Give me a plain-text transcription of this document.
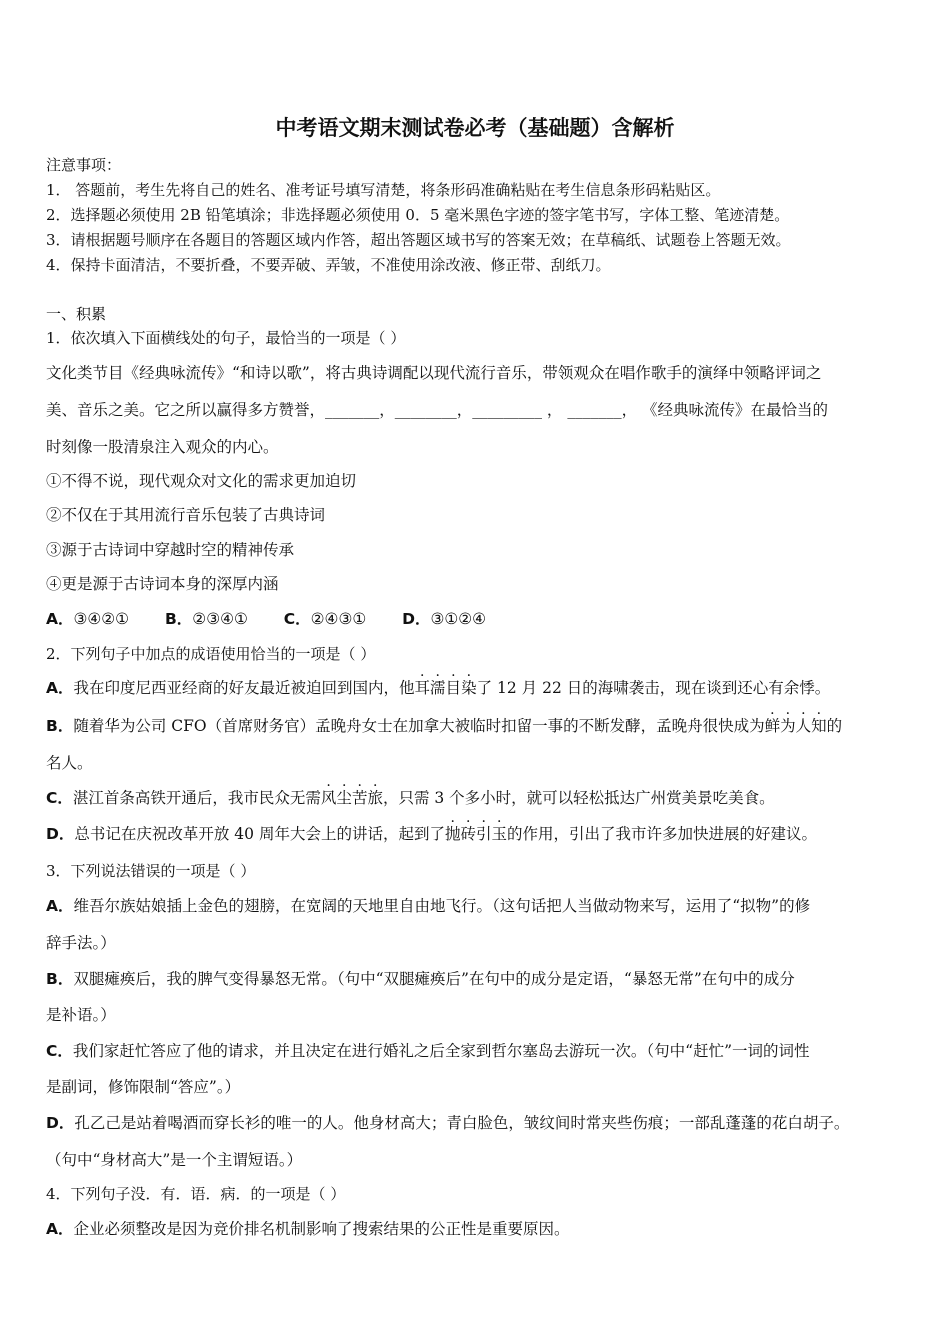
中考语文期末测试卷必考（基础题）含解析
注意事项：
1． 答题前，考生先将自己的姓名、准考证号填写清楚，将条形码准确粘贴在考生信息条形码粘贴区。
2．选择题必须使用 2B 铅笔填涂；非选择题必须使用 0．5 毫米黑色字迹的签字笔书写，字体工整、笔迹清楚。
3．请根据题号顺序在各题目的答题区域内作答，超出答题区域书写的答案无效；在草稿纸、试题卷上答题无效。
4．保持卡面清洁，不要折叠，不要弄破、弄皱，不准使用涂改液、修正带、刮纸刀。
一、积累
1．依次填入下面横线处的句子，最恰当的一项是（ ）
文化类节目《经典咏流传》“和诗以歌”，将古典诗调配以现代流行音乐，带领观众在唱作歌手的演绎中领略评词之
美、音乐之美。它之所以赢得多方赞誉，_______，________，_________ ， _______， 《经典咏流传》在最恰当的
时刻像一股清泉注入观众的内心。
①不得不说，现代观众对文化的需求更加迫切
②不仅在于其用流行音乐包装了古典诗词
③源于古诗词中穿越时空的精神传承
④更是源于古诗词本身的深厚内涵
A．③④②① B．②③④① C．②④③① D．③①②④
2．下列句子中加点的成语使用恰当的一项是（ ）
A．我在印度尼西亚经商的好友最近被迫回到国内，他耳濡目染了 12 月 22 日的海啸袭击，现在谈到还心有余悸。
B．随着华为公司 CFO（首席财务官）孟晚舟女士在加拿大被临时扣留一事的不断发酵，孟晚舟很快成为鲜为人知的
名人。
C．湛江首条高铁开通后，我市民众无需风尘苦旅，只需 3 个多小时，就可以轻松抵达广州赏美景吃美食。
D．总书记在庆祝改革开放 40 周年大会上的讲话，起到了抛砖引玉的作用，引出了我市许多加快进展的好建议。
3．下列说法错误的一项是（ ）
A．维吾尔族姑娘插上金色的翅膀，在宽阔的天地里自由地飞行。（这句话把人当做动物来写，运用了“拟物”的修
辞手法。）
B．双腿瘫痪后，我的脾气变得暴怒无常。（句中“双腿瘫痪后”在句中的成分是定语，“暴怒无常”在句中的成分
是补语。）
C．我们家赶忙答应了他的请求，并且决定在进行婚礼之后全家到哲尔塞岛去游玩一次。（句中“赶忙”一词的词性
是副词，修饰限制“答应”。）
D．孔乙己是站着喝酒而穿长衫的唯一的人。他身材高大；青白脸色，皱纹间时常夹些伤痕；一部乱蓬蓬的花白胡子。
（句中“身材高大”是一个主谓短语。）
4．下列句子没．有．语．病．的一项是（ ）
A．企业必须整改是因为竞价排名机制影响了搜索结果的公正性是重要原因。
